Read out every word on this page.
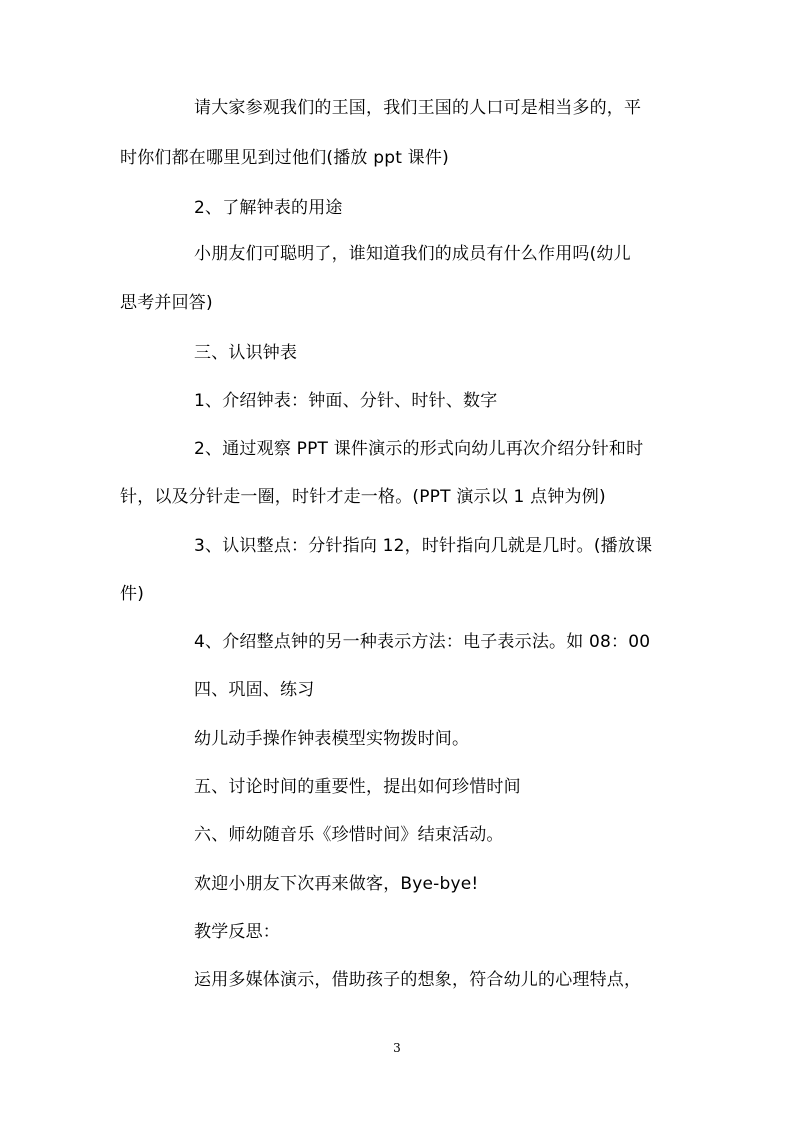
请大家参观我们的王国，我们王国的人口可是相当多的，平
时你们都在哪里见到过他们(播放 ppt 课件)
2、了解钟表的用途
小朋友们可聪明了，谁知道我们的成员有什么作用吗(幼儿
思考并回答)
三、认识钟表
1、介绍钟表：钟面、分针、时针、数字
2、通过观察 PPT 课件演示的形式向幼儿再次介绍分针和时
针，以及分针走一圈，时针才走一格。(PPT 演示以 1 点钟为例)
3、认识整点：分针指向 12，时针指向几就是几时。(播放课
件)
4、介绍整点钟的另一种表示方法：电子表示法。如 08：00
四、巩固、练习
幼儿动手操作钟表模型实物拨时间。
五、讨论时间的重要性，提出如何珍惜时间
六、师幼随音乐《珍惜时间》结束活动。
欢迎小朋友下次再来做客，Bye-bye!
教学反思：
运用多媒体演示，借助孩子的想象，符合幼儿的心理特点，
3
